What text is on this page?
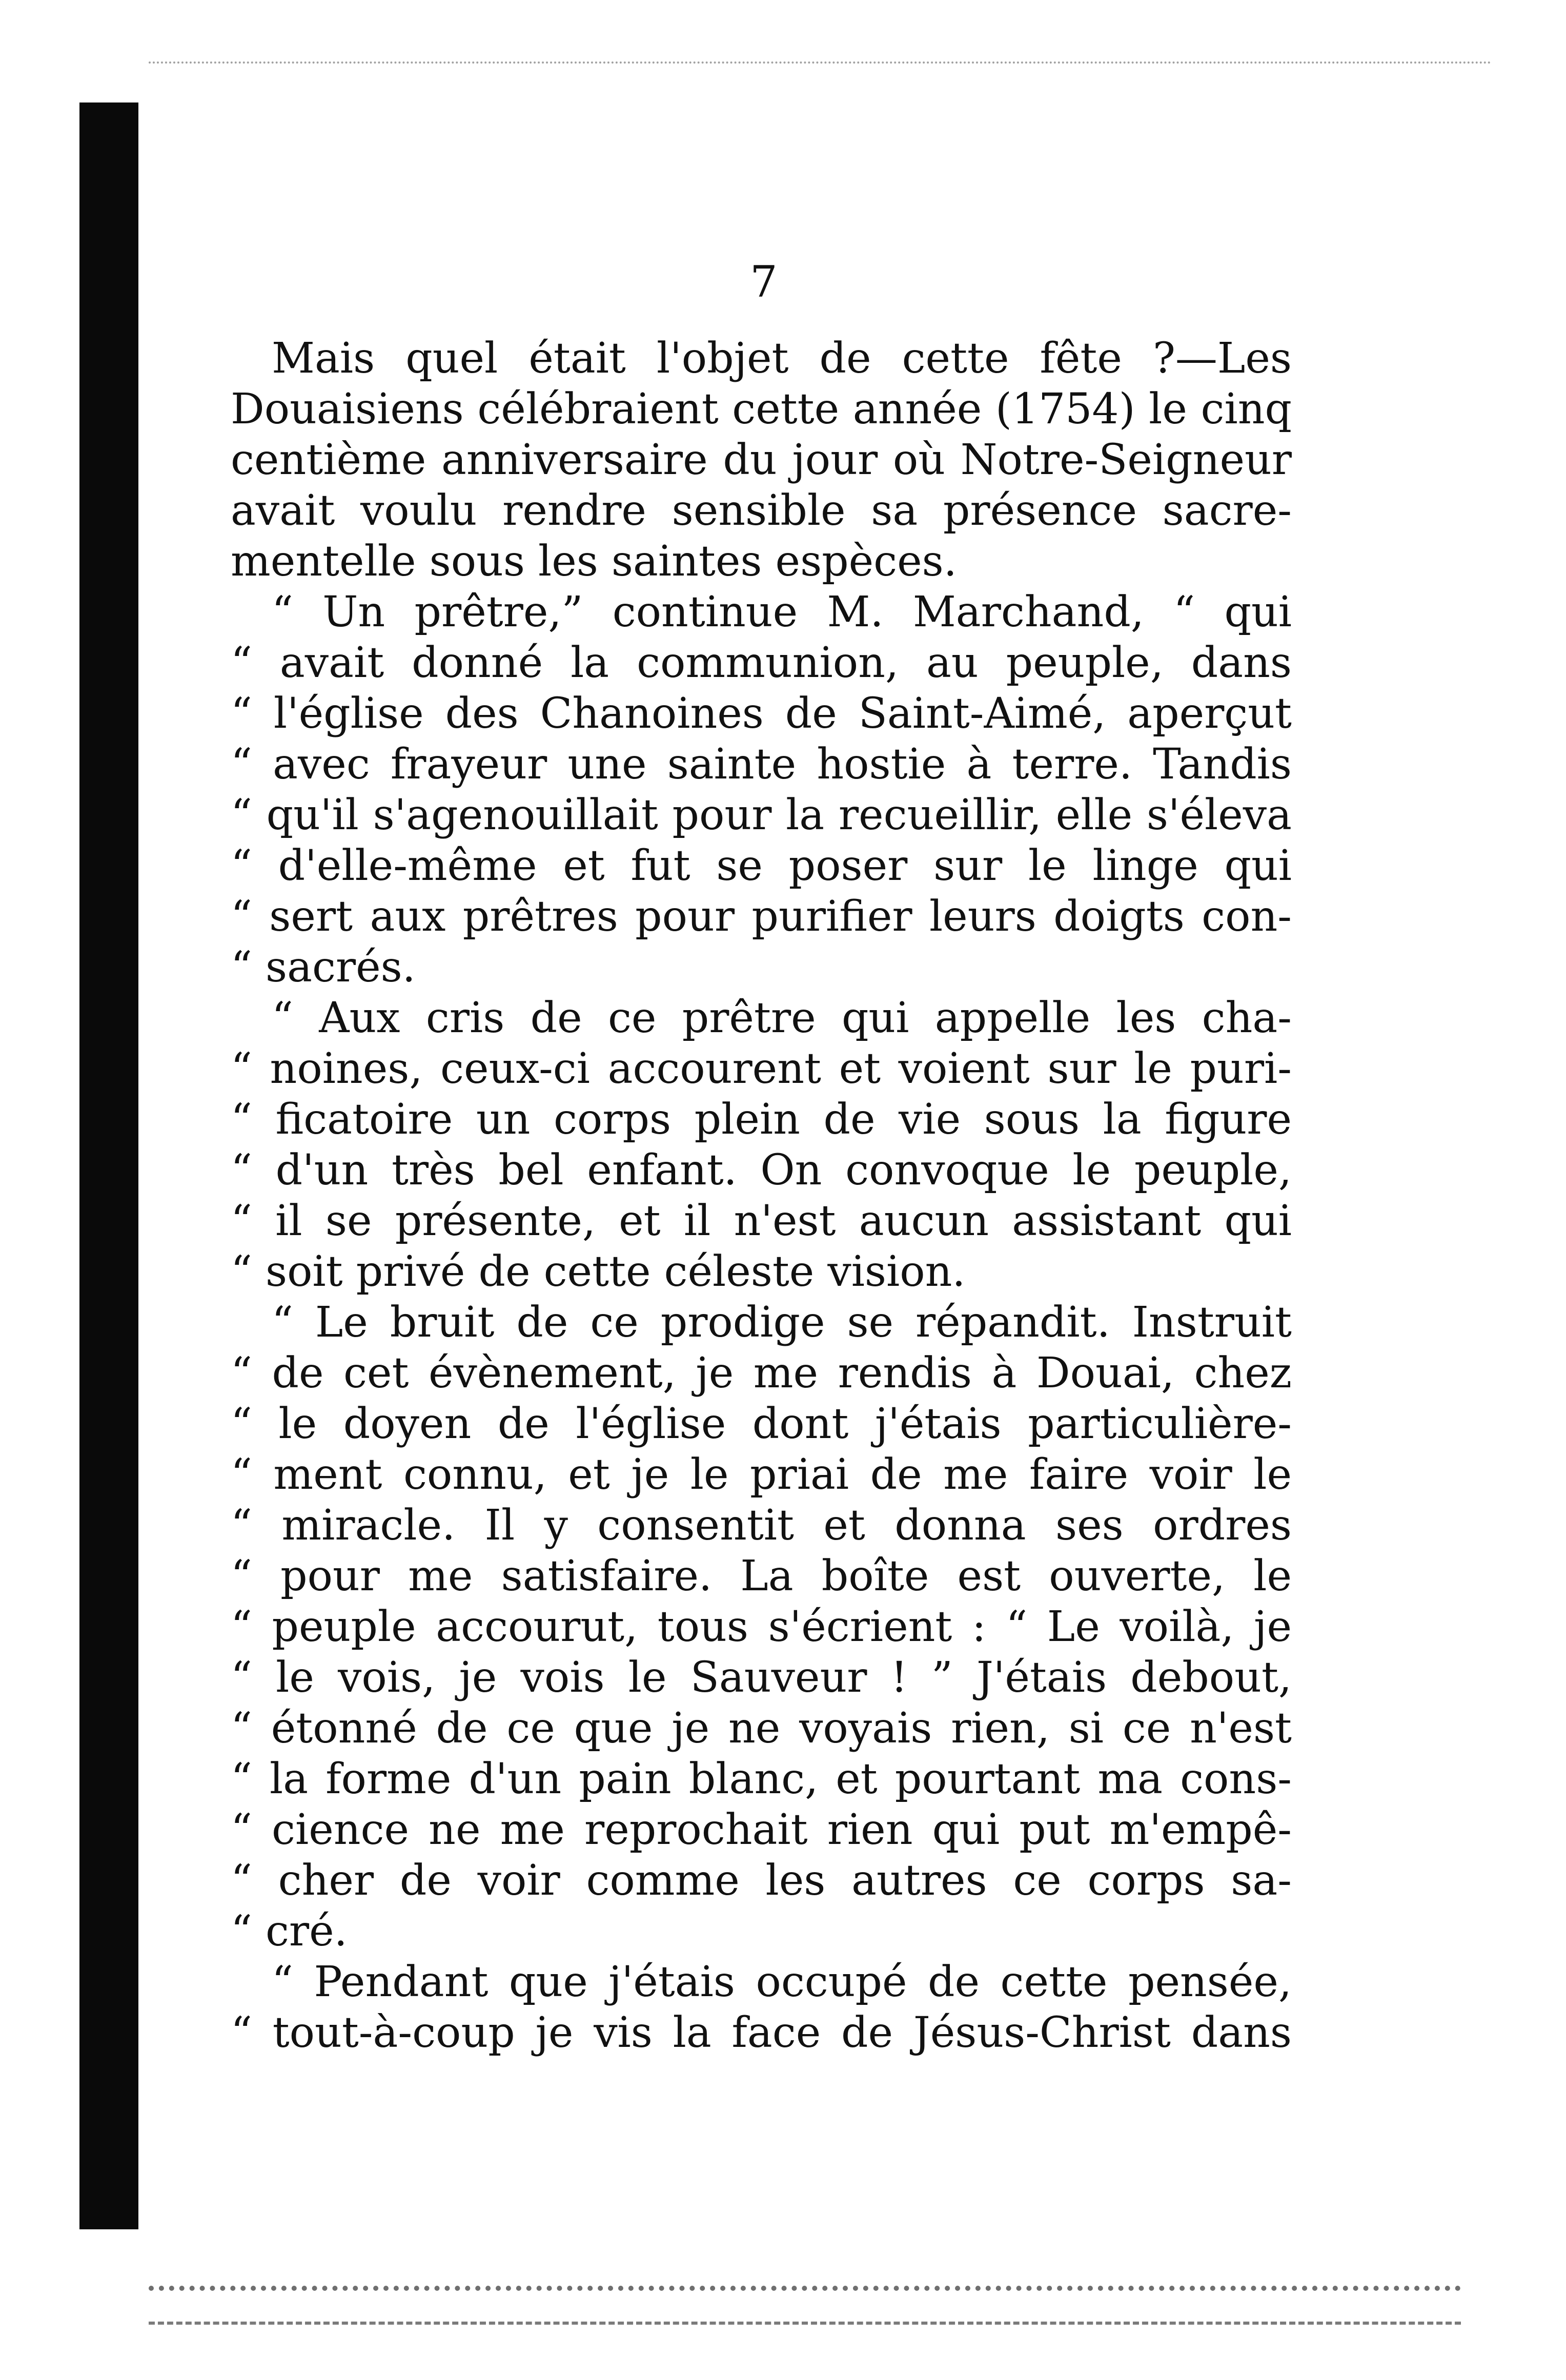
7
Mais quel était l'objet de cette fête ?—Les
Douaisiens célébraient cette année (1754) le cinq
centième anniversaire du jour où Notre-Seigneur
avait voulu rendre sensible sa présence sacre-
mentelle sous les saintes espèces.
“ Un prêtre,” continue M. Marchand, “ qui
“ avait donné la communion, au peuple, dans
“ l'église des Chanoines de Saint-Aimé, aperçut
“ avec frayeur une sainte hostie à terre. Tandis
“ qu'il s'agenouillait pour la recueillir, elle s'éleva
“ d'elle-même et fut se poser sur le linge qui
“ sert aux prêtres pour purifier leurs doigts con-
“ sacrés.
“ Aux cris de ce prêtre qui appelle les cha-
“ noines, ceux-ci accourent et voient sur le puri-
“ ficatoire un corps plein de vie sous la figure
“ d'un très bel enfant. On convoque le peuple,
“ il se présente, et il n'est aucun assistant qui
“ soit privé de cette céleste vision.
“ Le bruit de ce prodige se répandit. Instruit
“ de cet évènement, je me rendis à Douai, chez
“ le doyen de l'église dont j'étais particulière-
“ ment connu, et je le priai de me faire voir le
“ miracle. Il y consentit et donna ses ordres
“ pour me satisfaire. La boîte est ouverte, le
“ peuple accourut, tous s'écrient : “ Le voilà, je
“ le vois, je vois le Sauveur ! ” J'étais debout,
“ étonné de ce que je ne voyais rien, si ce n'est
“ la forme d'un pain blanc, et pourtant ma cons-
“ cience ne me reprochait rien qui put m'empê-
“ cher de voir comme les autres ce corps sa-
“ cré.
“ Pendant que j'étais occupé de cette pensée,
“ tout-à-coup je vis la face de Jésus-Christ dans
